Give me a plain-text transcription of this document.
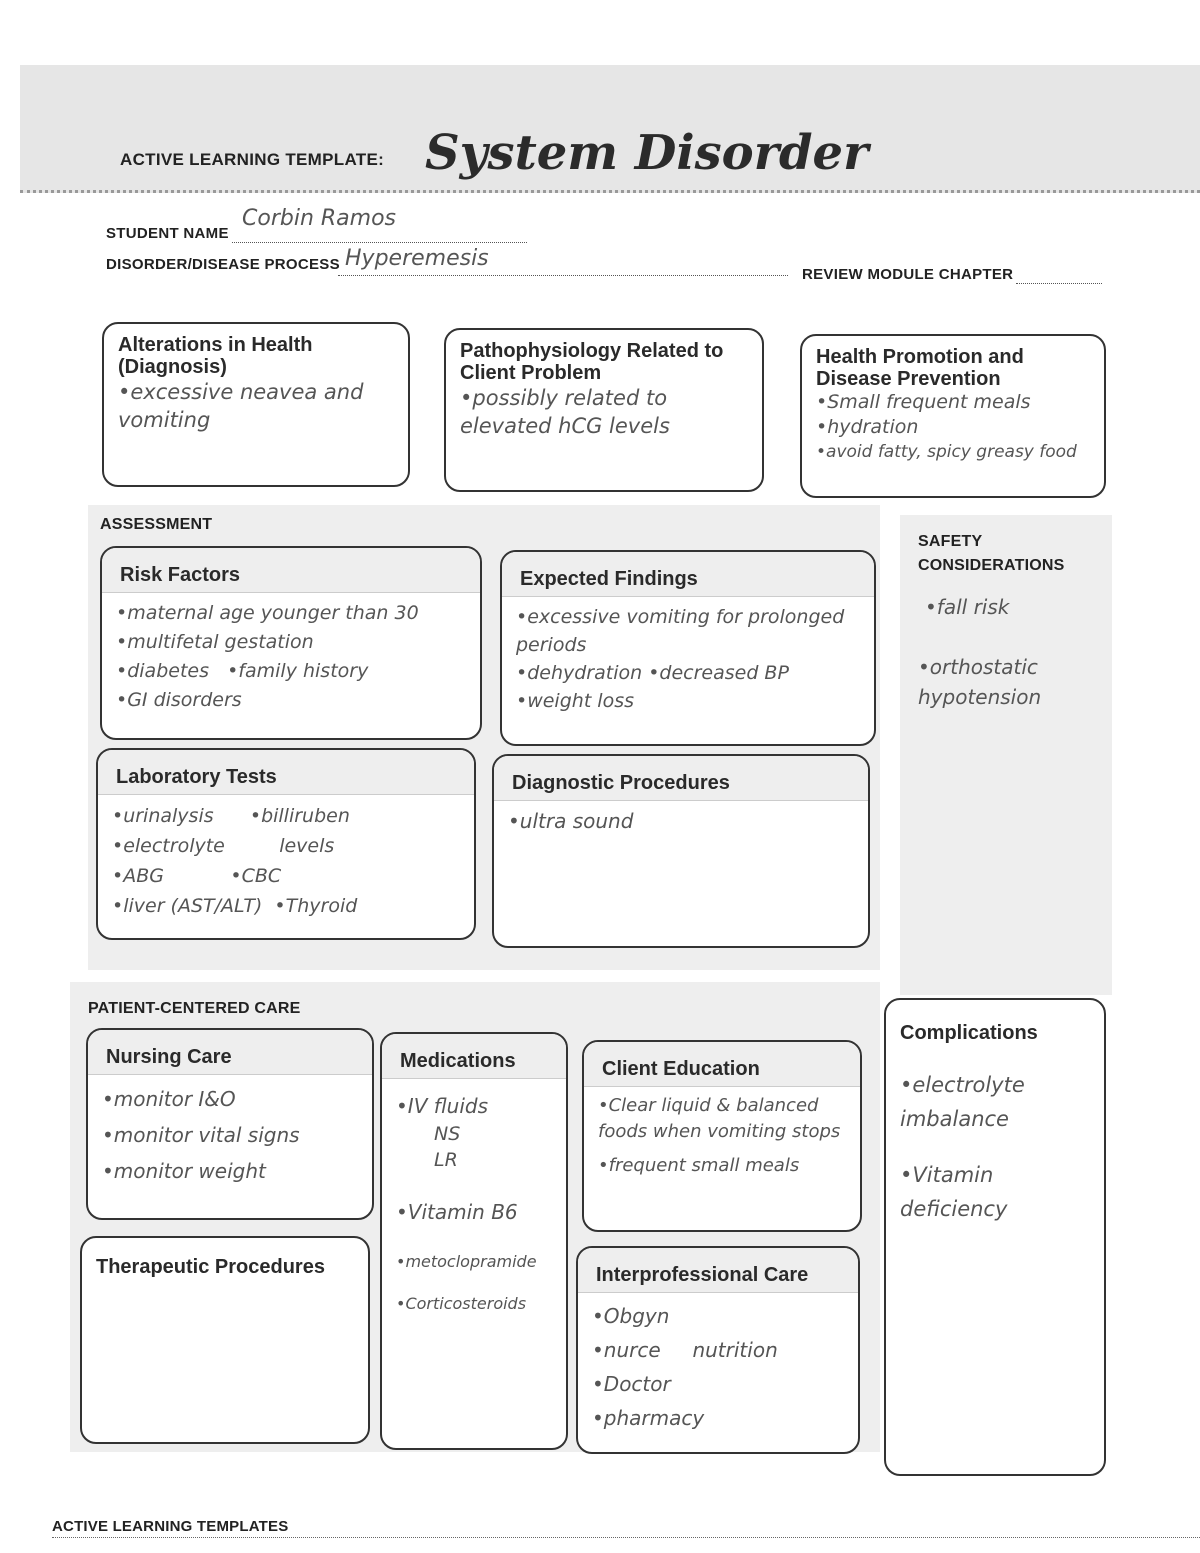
ACTIVE LEARNING TEMPLATE: System Disorder
STUDENT NAME
Corbin Ramos
DISORDER/DISEASE PROCESS Hyperemesis
REVIEW MODULE CHAPTER
Alterations in Health (Diagnosis)
•excessive neavea and vomiting
Pathophysiology Related to Client Problem
•possibly related to elevated hCG levels
Health Promotion and Disease Prevention
•Small frequent meals
•hydration
•avoid fatty, spicy greasy food
ASSESSMENT
Risk Factors
•maternal age younger than 30
•multifetal gestation
•diabetes   •family history
•GI disorders
Expected Findings
•excessive vomiting for prolonged periods
•dehydration •decreased BP
•weight loss
Laboratory Tests
•urinalysis      •billiruben
•electrolyte         levels
•ABG           •CBC
•liver (AST/ALT)  •Thyroid
Diagnostic Procedures
•ultra sound
SAFETY CONSIDERATIONS
•fall risk
•orthostatic hypotension
PATIENT-CENTERED CARE
Nursing Care
•monitor I&O
•monitor vital signs
•monitor weight
Therapeutic Procedures
Medications
•IV fluids
NS
LR
•Vitamin B6
•metoclopramide
•Corticosteroids
Client Education
•Clear liquid & balanced foods when vomiting stops
•frequent small meals
Interprofessional Care
•Obgyn
•nurce     nutrition
•Doctor
•pharmacy
Complications
•electrolyte imbalance
•Vitamin deficiency
ACTIVE LEARNING TEMPLATES
